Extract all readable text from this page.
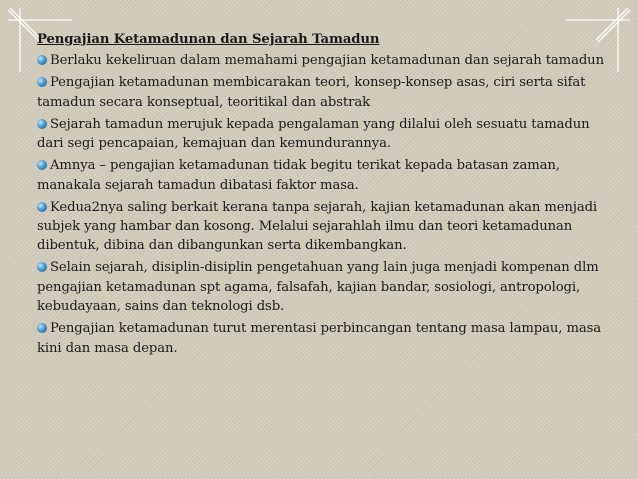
Pengajian Ketamadunan dan Sejarah Tamadun
Berlaku kekeliruan dalam memahami pengajian ketamadunan dan sejarah tamadun
Pengajian ketamadunan membicarakan teori, konsep-konsep asas, ciri serta sifat tamadun secara konseptual, teoritikal dan abstrak
Sejarah tamadun merujuk kepada pengalaman yang dilalui oleh sesuatu tamadun dari segi pencapaian, kemajuan dan kemundurannya.
Amnya – pengajian ketamadunan tidak begitu terikat kepada batasan zaman, manakala sejarah tamadun dibatasi faktor masa.
Kedua2nya saling berkait kerana tanpa sejarah, kajian ketamadunan akan menjadi subjek yang hambar dan kosong. Melalui sejarahlah ilmu dan teori ketamadunan dibentuk, dibina dan dibangunkan serta dikembangkan.
Selain sejarah, disiplin-disiplin pengetahuan yang lain juga menjadi kompenan dlm pengajian ketamadunan spt agama, falsafah, kajian bandar, sosiologi, antropologi, kebudayaan, sains dan teknologi dsb.
Pengajian ketamadunan turut merentasi perbincangan tentang masa lampau, masa kini dan masa depan.
